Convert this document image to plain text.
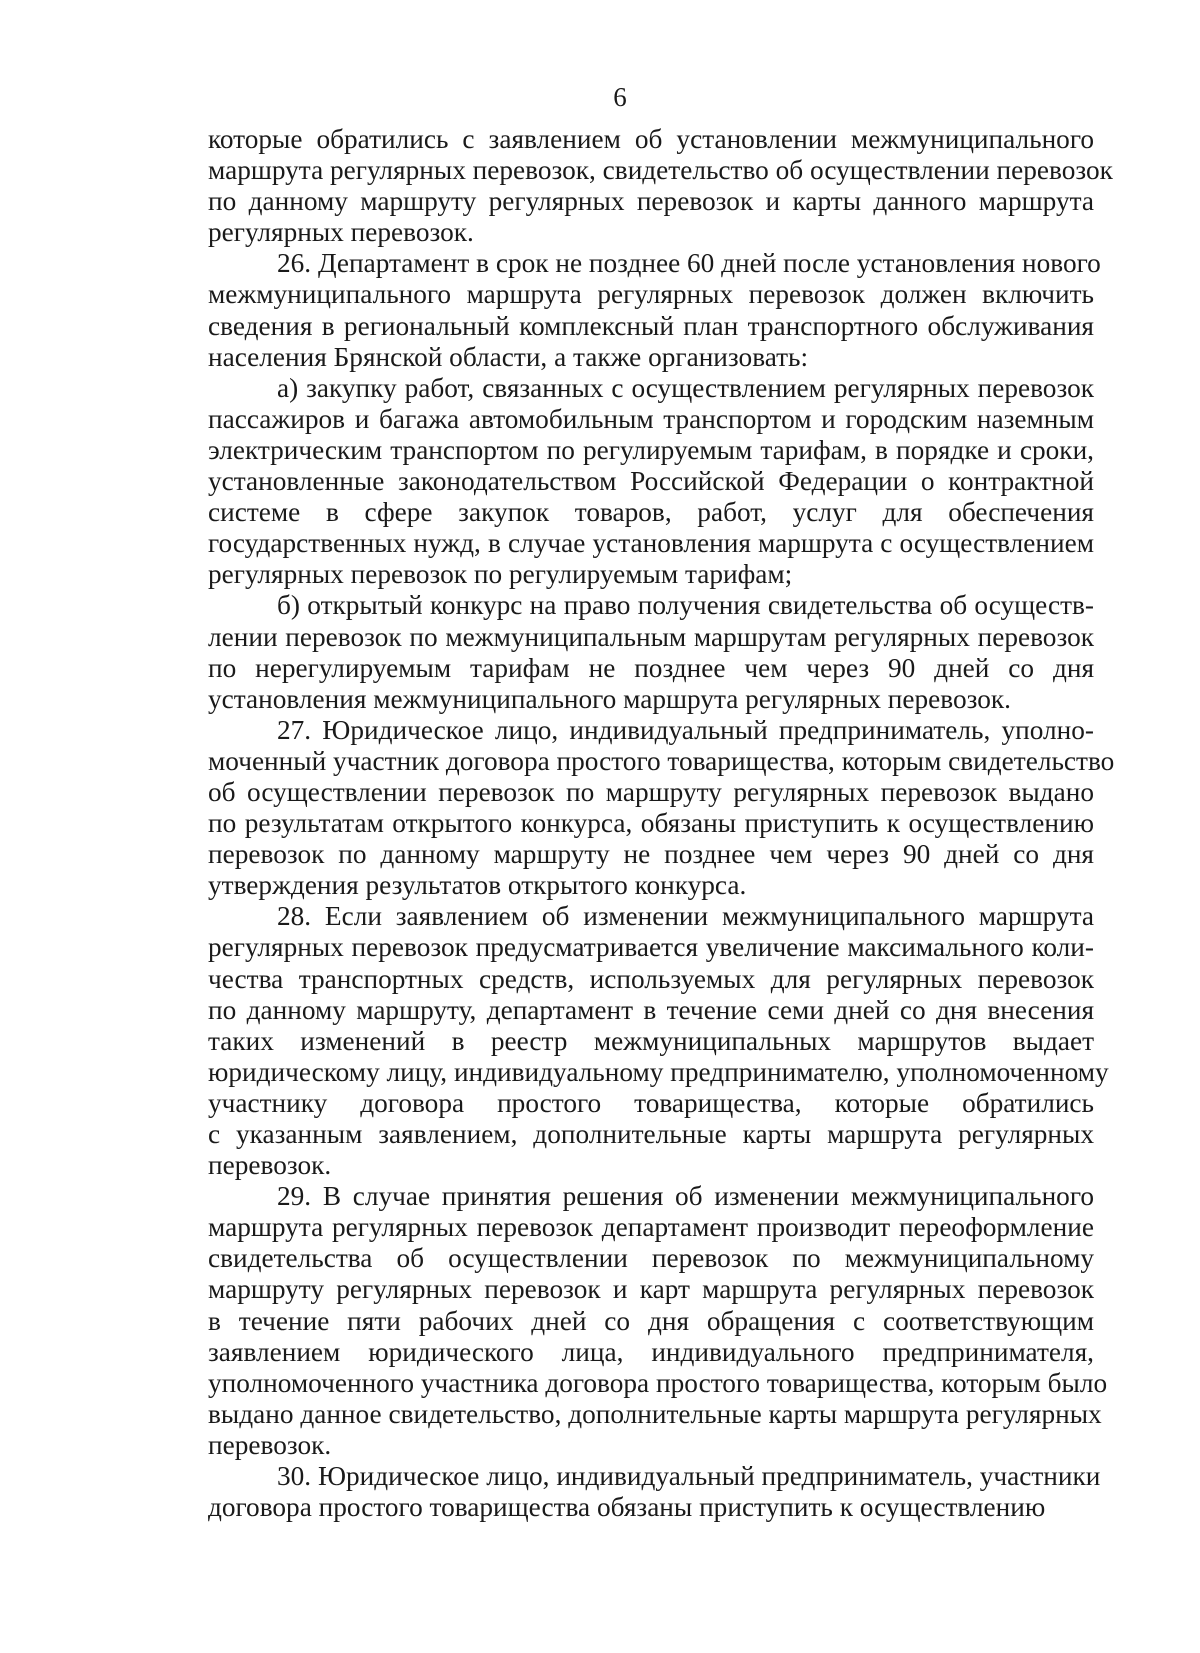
6
которые обратились с заявлением об установлении межмуниципального
маршрута регулярных перевозок, свидетельство об осуществлении перевозок
по данному маршруту регулярных перевозок и карты данного маршрута
регулярных перевозок.
26. Департамент в срок не позднее 60 дней после установления нового
межмуниципального маршрута регулярных перевозок должен включить
сведения в региональный комплексный план транспортного обслуживания
населения Брянской области, а также организовать:
а) закупку работ, связанных с осуществлением регулярных перевозок
пассажиров и багажа автомобильным транспортом и городским наземным
электрическим транспортом по регулируемым тарифам, в порядке и сроки,
установленные законодательством Российской Федерации о контрактной
системе в сфере закупок товаров, работ, услуг для обеспечения
государственных нужд, в случае установления маршрута с осуществлением
регулярных перевозок по регулируемым тарифам;
б) открытый конкурс на право получения свидетельства об осуществ-
лении перевозок по межмуниципальным маршрутам регулярных перевозок
по нерегулируемым тарифам не позднее чем через 90 дней со дня
установления межмуниципального маршрута регулярных перевозок.
27. Юридическое лицо, индивидуальный предприниматель, уполно-
моченный участник договора простого товарищества, которым свидетельство
об осуществлении перевозок по маршруту регулярных перевозок выдано
по результатам открытого конкурса, обязаны приступить к осуществлению
перевозок по данному маршруту не позднее чем через 90 дней со дня
утверждения результатов открытого конкурса.
28. Если заявлением об изменении межмуниципального маршрута
регулярных перевозок предусматривается увеличение максимального коли-
чества транспортных средств, используемых для регулярных перевозок
по данному маршруту, департамент в течение семи дней со дня внесения
таких изменений в реестр межмуниципальных маршрутов выдает
юридическому лицу, индивидуальному предпринимателю, уполномоченному
участнику договора простого товарищества, которые обратились
с указанным заявлением, дополнительные карты маршрута регулярных
перевозок.
29. В случае принятия решения об изменении межмуниципального
маршрута регулярных перевозок департамент производит переоформление
свидетельства об осуществлении перевозок по межмуниципальному
маршруту регулярных перевозок и карт маршрута регулярных перевозок
в течение пяти рабочих дней со дня обращения с соответствующим
заявлением юридического лица, индивидуального предпринимателя,
уполномоченного участника договора простого товарищества, которым было
выдано данное свидетельство, дополнительные карты маршрута регулярных
перевозок.
30. Юридическое лицо, индивидуальный предприниматель, участники
договора простого товарищества обязаны приступить к осуществлению
